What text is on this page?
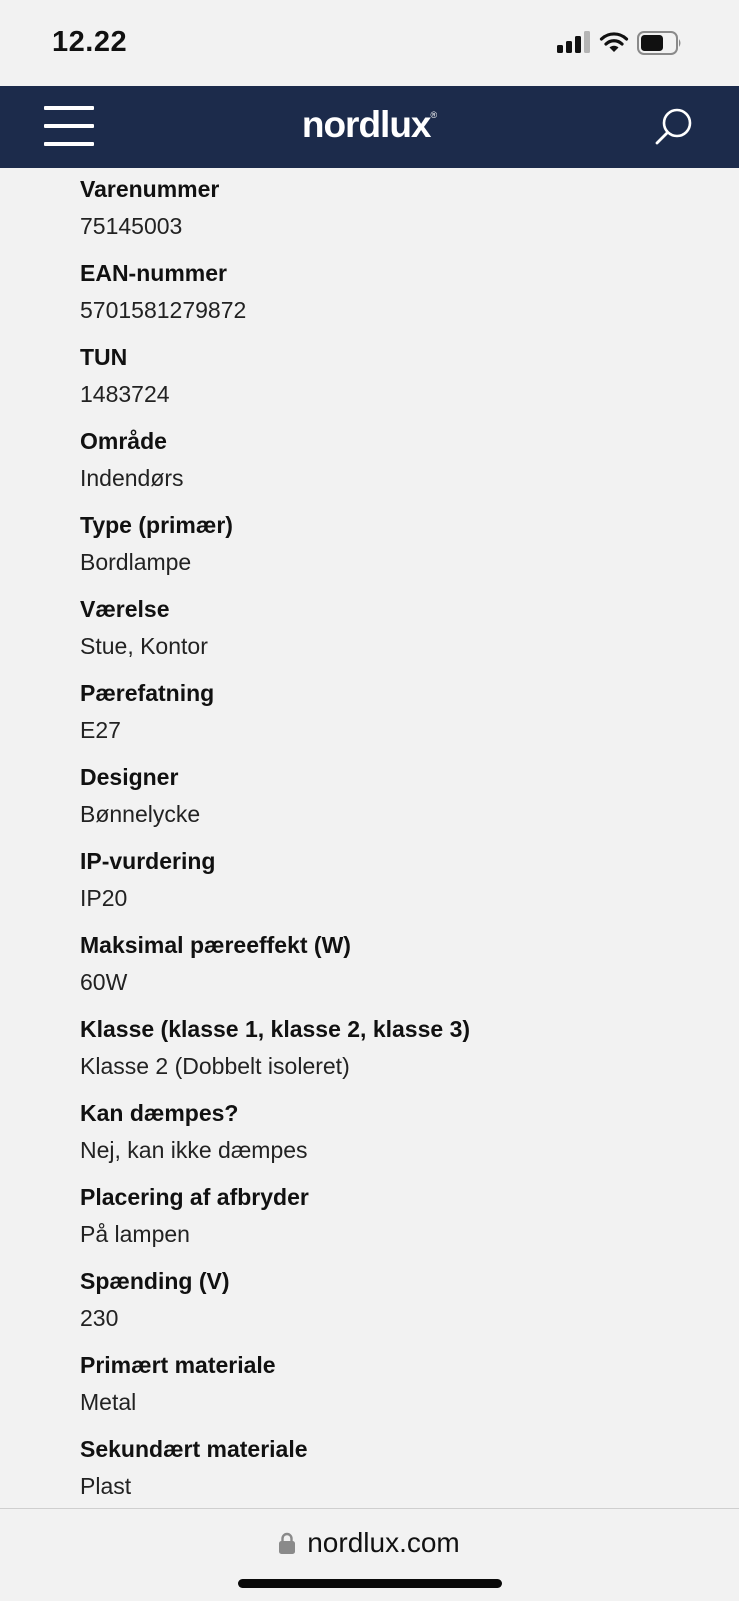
12.22
nordlux®
Varenummer
75145003
EAN-nummer
5701581279872
TUN
1483724
Område
Indendørs
Type (primær)
Bordlampe
Værelse
Stue, Kontor
Pærefatning
E27
Designer
Bønnelycke
IP-vurdering
IP20
Maksimal pæreeffekt (W)
60W
Klasse (klasse 1, klasse 2, klasse 3)
Klasse 2 (Dobbelt isoleret)
Kan dæmpes?
Nej, kan ikke dæmpes
Placering af afbryder
På lampen
Spænding (V)
230
Primært materiale
Metal
Sekundært materiale
Plast
nordlux.com
